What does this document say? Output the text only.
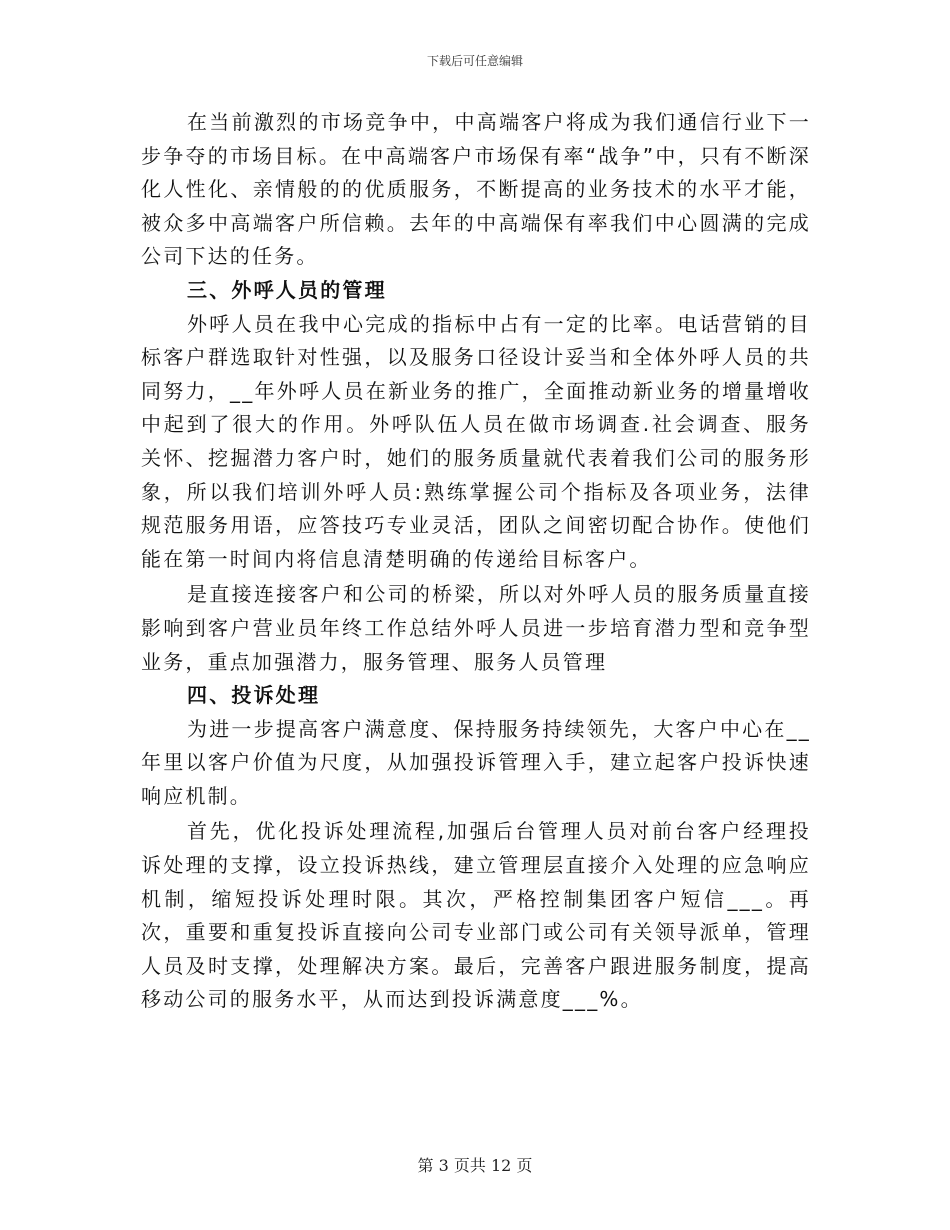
下载后可任意编辑

在当前激烈的市场竞争中，中高端客户将成为我们通信行业下一步争夺的市场目标。在中高端客户市场保有率“战争”中，只有不断深化人性化、亲情般的的优质服务，不断提高的业务技术的水平才能，被众多中高端客户所信赖。去年的中高端保有率我们中心圆满的完成公司下达的任务。

三、外呼人员的管理

外呼人员在我中心完成的指标中占有一定的比率。电话营销的目标客户群选取针对性强，以及服务口径设计妥当和全体外呼人员的共同努力，__年外呼人员在新业务的推广，全面推动新业务的增量增收中起到了很大的作用。外呼队伍人员在做市场调查.社会调查、服务关怀、挖掘潜力客户时，她们的服务质量就代表着我们公司的服务形象，所以我们培训外呼人员:熟练掌握公司个指标及各项业务，法律规范服务用语，应答技巧专业灵活，团队之间密切配合协作。使他们能在第一时间内将信息清楚明确的传递给目标客户。

是直接连接客户和公司的桥梁，所以对外呼人员的服务质量直接影响到客户营业员年终工作总结外呼人员进一步培育潜力型和竞争型业务，重点加强潜力，服务管理、服务人员管理

四、投诉处理

为进一步提高客户满意度、保持服务持续领先，大客户中心在__年里以客户价值为尺度，从加强投诉管理入手，建立起客户投诉快速响应机制。

首先，优化投诉处理流程,加强后台管理人员对前台客户经理投诉处理的支撑，设立投诉热线，建立管理层直接介入处理的应急响应机制，缩短投诉处理时限。其次，严格控制集团客户短信___。再次，重要和重复投诉直接向公司专业部门或公司有关领导派单，管理人员及时支撑，处理解决方案。最后，完善客户跟进服务制度，提高移动公司的服务水平，从而达到投诉满意度___%。

第 3 页共 12 页
